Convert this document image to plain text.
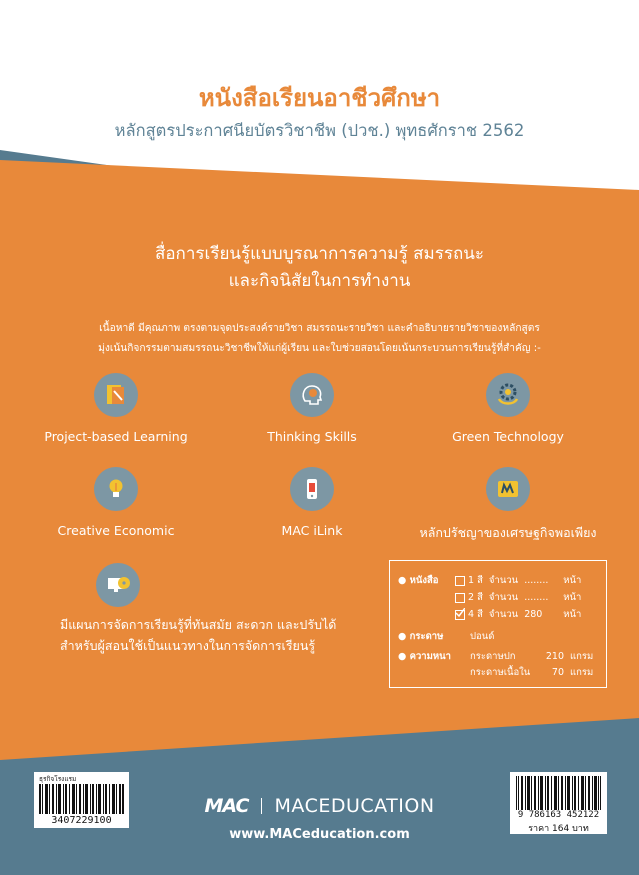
หนังสือเรียนอาชีวศึกษา
หลักสูตรประกาศนียบัตรวิชาชีพ (ปวช.) พุทธศักราช 2562
สื่อการเรียนรู้แบบบูรณาการความรู้ สมรรถนะ
และกิจนิสัยในการทำงาน
เนื้อหาดี มีคุณภาพ ตรงตามจุดประสงค์รายวิชา สมรรถนะรายวิชา และคำอธิบายรายวิชาของหลักสูตร
มุ่งเน้นกิจกรรมตามสมรรถนะวิชาชีพให้แก่ผู้เรียน และใบช่วยสอนโดยเน้นกระบวนการเรียนรู้ที่สำคัญ :-
Project-based Learning	Thinking Skills	Green Technology
Creative Economic	MAC iLink	หลักปรัชญาของเศรษฐกิจพอเพียง
มีแผนการจัดการเรียนรู้ที่ทันสมัย สะดวก และปรับได้
สำหรับผู้สอนใช้เป็นแนวทางในการจัดการเรียนรู้
● หนังสือ	1 สี จำนวน ........ หน้า
2 สี จำนวน ........ หน้า
4 สี จำนวน 280 หน้า
● กระดาษ	ปอนด์
● ความหนา กระดาษปก	210 แกรม
กระดาษเนื้อใน 70 แกรม
ธุรกิจโรงแรม
3407229100	9 786163 452122
ราคา 164 บาท
MAC MACEDUCATION
www.MACeducation.com
